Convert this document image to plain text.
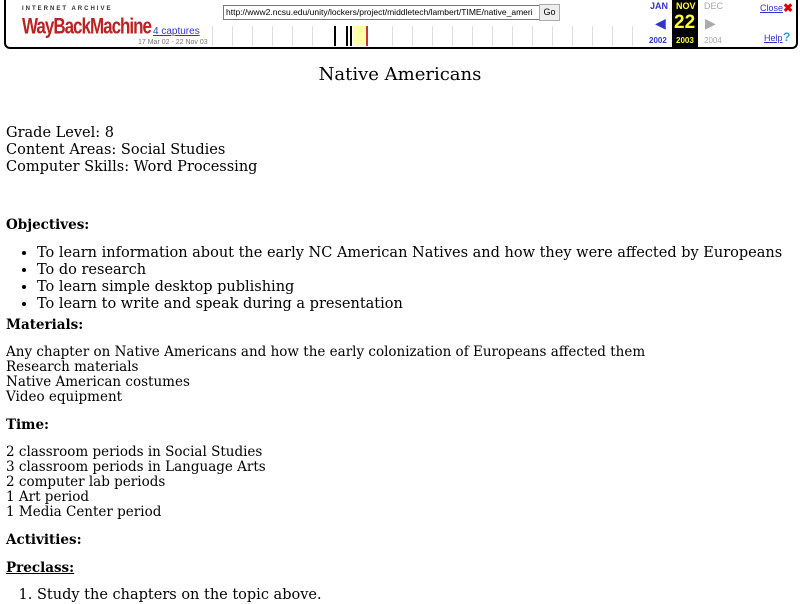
INTERNET ARCHIVE
WayBackMachine 4 captures
17 Mar 02 - 22 Nov 03
http://www2.ncsu.edu/unity/lockers/project/middletech/lambert/TIME/native_ameri	Go
JAN NOV
22
2003
DEC
2002	2004
◀	▶
Close ✖
Help ?
Native Americans
Grade Level: 8
Content Areas: Social Studies
Computer Skills: Word Processing
Objectives:
• To learn information about the early NC American Natives and how they were affected by Europeans
• To do research
• To learn simple desktop publishing
• To learn to write and speak during a presentation
Materials:
Any chapter on Native Americans and how the early colonization of Europeans affected them
Research materials
Native American costumes
Video equipment
Time:
2 classroom periods in Social Studies
3 classroom periods in Language Arts
2 computer lab periods
1 Art period
1 Media Center period
Activities:
Preclass:
1. Study the chapters on the topic above.
